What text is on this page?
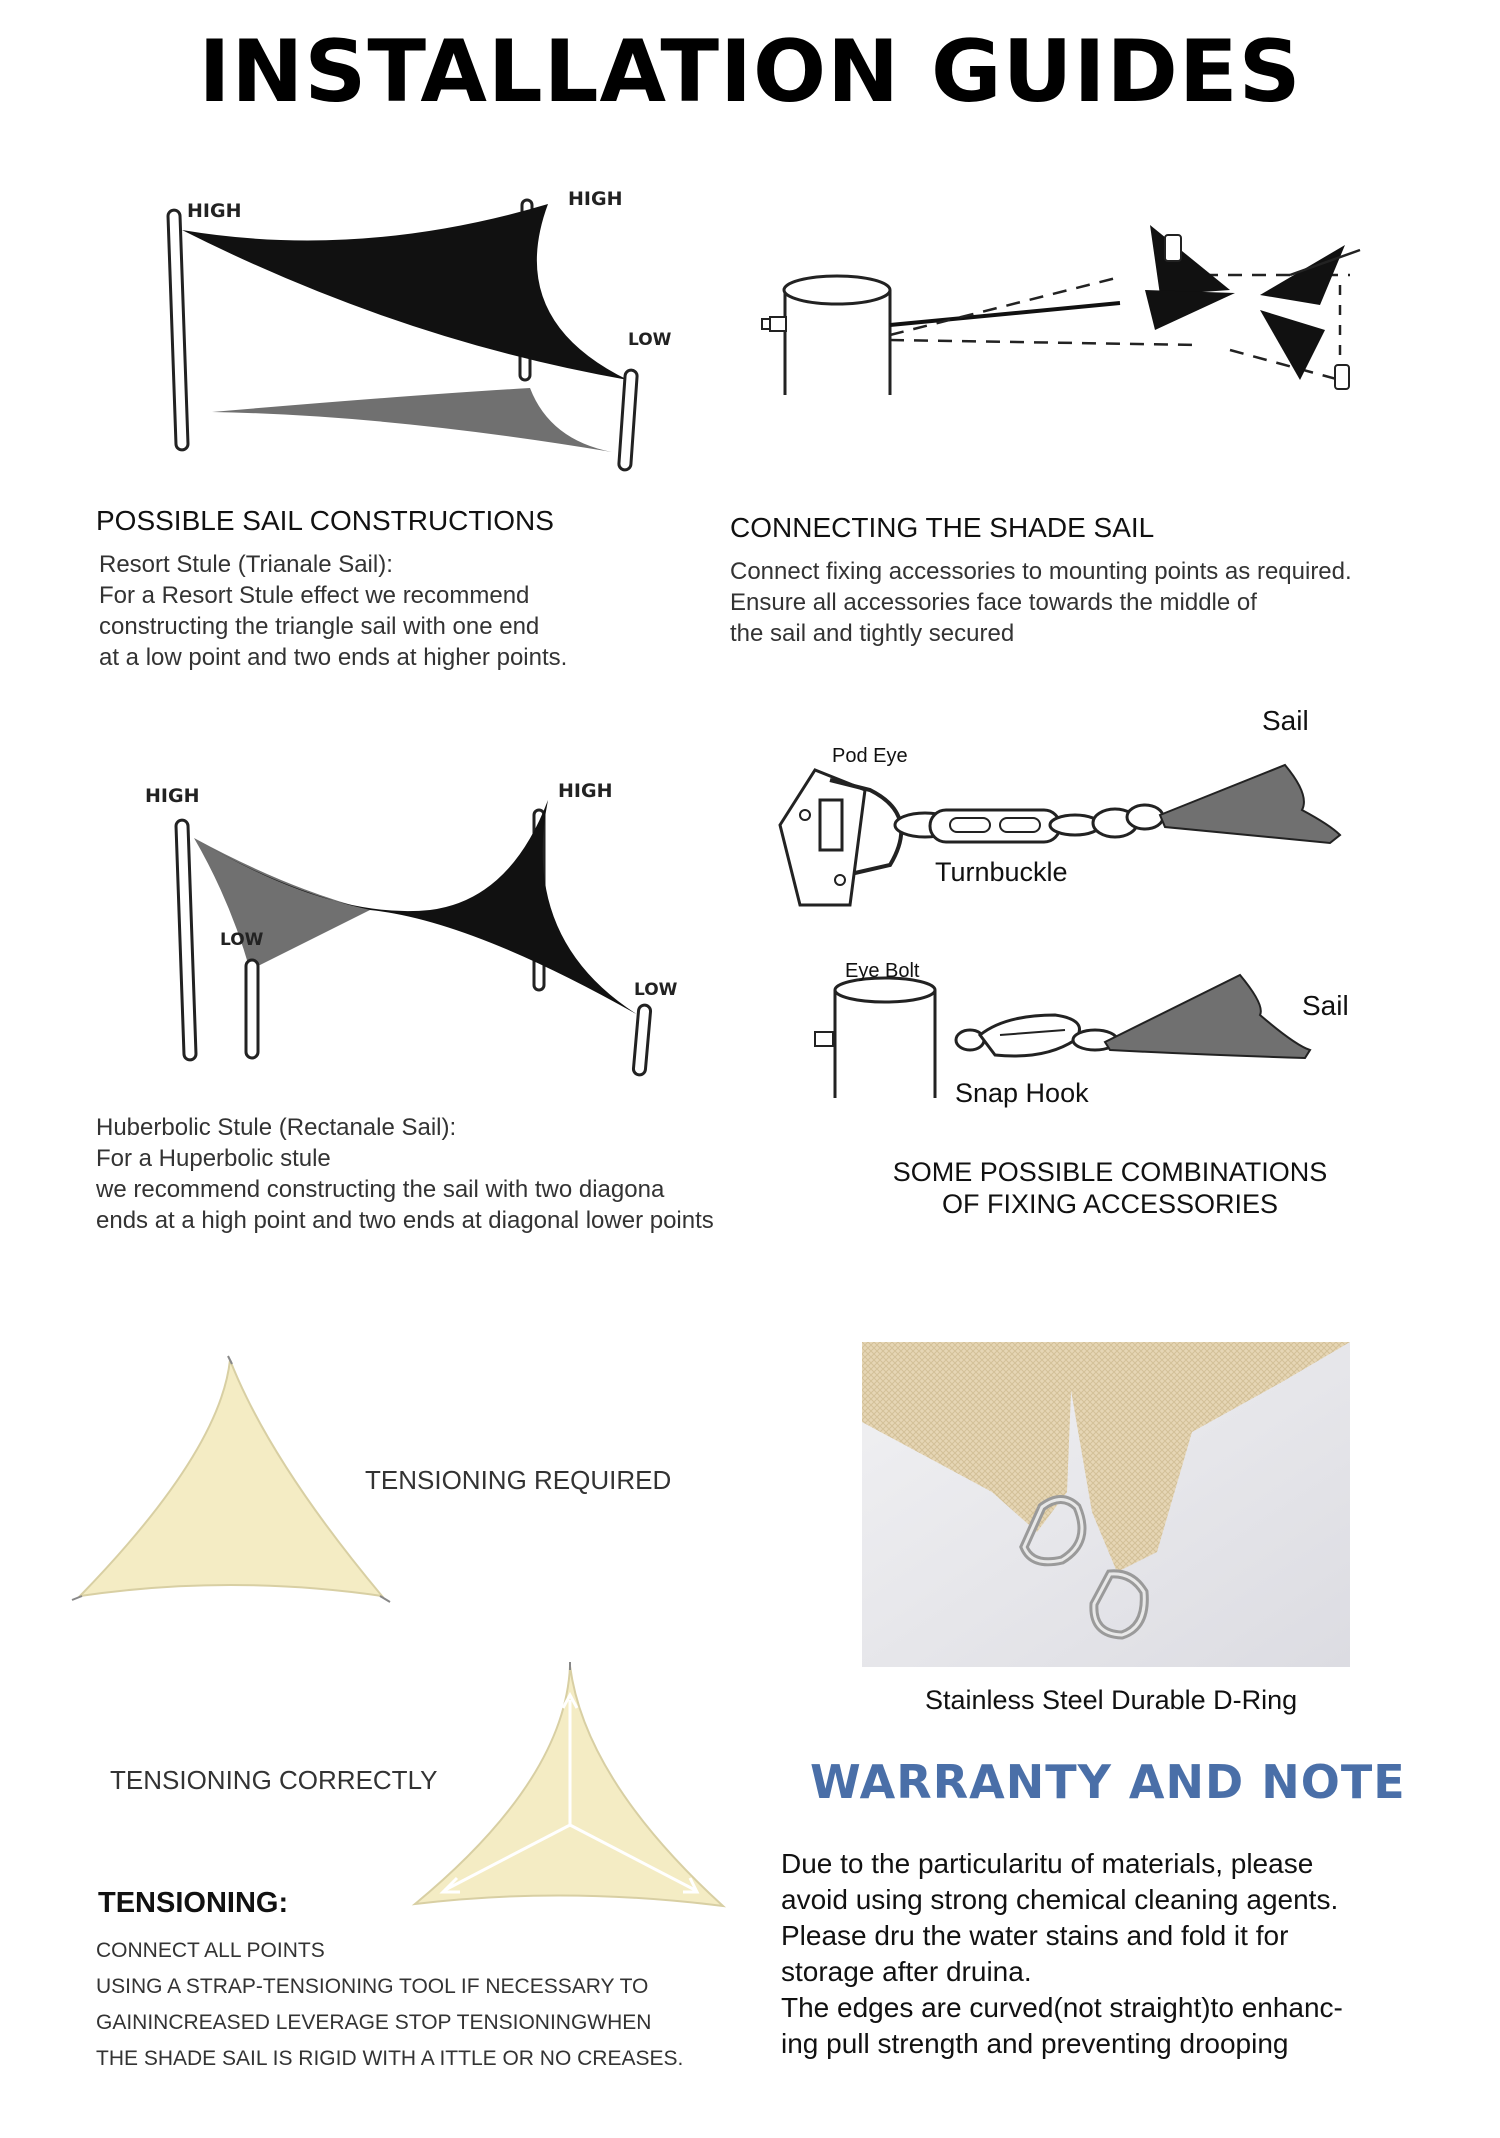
INSTALLATION GUIDES
HIGH
HIGH
LOW
POSSIBLE SAIL CONSTRUCTIONS
Resort Stule (Trianale Sail):
For a Resort Stule effect we recommend
constructing the triangle sail with one end
at a low point and two ends at higher points.
CONNECTING THE SHADE SAIL
Connect fixing accessories to mounting points as required.
Ensure all accessories face towards the middle of
the sail and tightly secured
HIGH	HIGH
LOW
LOW
Huberbolic Stule (Rectanale Sail):
For a Huperbolic stule
we recommend constructing the sail with two diagona
ends at a high point and two ends at diagonal lower points
Sail
Pod Eye
Turnbuckle
Eye Bolt
Sail
Snap Hook
SOME POSSIBLE COMBINATIONS
OF FIXING ACCESSORIES
TENSIONING REQUIRED
Stainless Steel Durable D-Ring
TENSIONING CORRECTLY
TENSIONING:
CONNECT ALL POINTS
USING A STRAP-TENSIONING TOOL IF NECESSARY TO
GAININCREASED LEVERAGE STOP TENSIONINGWHEN
THE SHADE SAIL IS RIGID WITH A ITTLE OR NO CREASES.
WARRANTY AND NOTE
Due to the particularitu of materials, please
avoid using strong chemical cleaning agents.
Please dru the water stains and fold it for
storage after druina.
The edges are curved(not straight)to enhanc-
ing pull strength and preventing drooping
